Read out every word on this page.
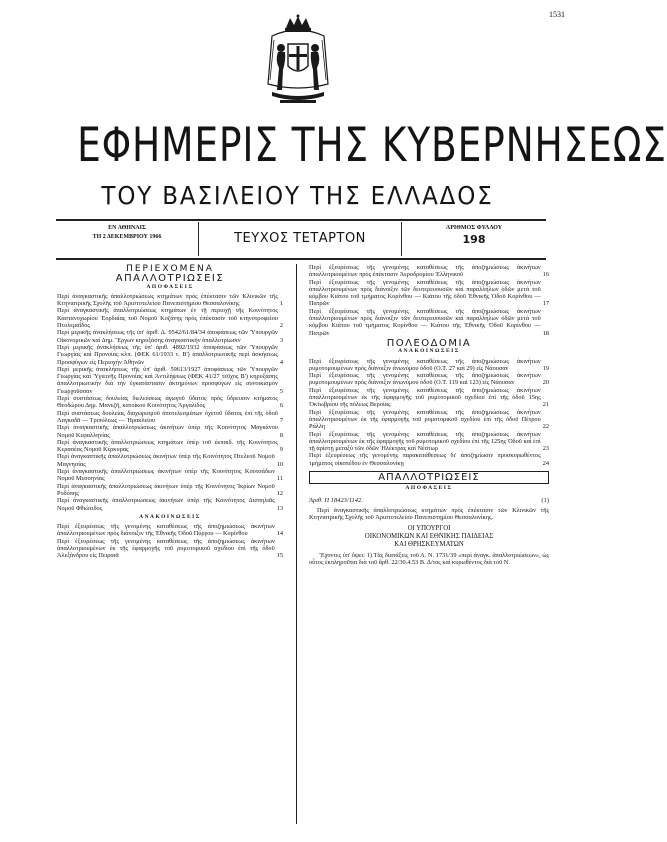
1531
ΕΦΗΜΕΡΙΣ ΤΗΣ ΚΥΒΕΡΝΗΣΕΩΣ
ΤΟΥ ΒΑΣΙΛΕΙΟΥ ΤΗΣ ΕΛΛΑΔΟΣ
ΕΝ ΑΘΗΝΑΙΣ
ΤΗ 2 ΔΕΚΕΜΒΡΙΟΥ 1966	ΤΕΥΧΟΣ ΤΕΤΑΡΤΟΝ
ΑΡΙΘΜΟΣ ΦΥΛΛΟΥ
198
ΠΕΡΙΕΧΟΜΕΝΑ
ΑΠΑΛΛΟΤΡΙΩΣΕΙΣ
ΑΠΟΦΑΣΕΙΣ
Περὶ ἀναγκαστικῆς ἀπαλλοτριώσεως κτημάτων πρὸς ἐπέκτασιν τῶν Κλινικῶν τῆς Κτηνιατρικῆς Σχολῆς τοῦ Ἀριστοτελείου Πανεπιστημίου Θεσσαλονίκης	1
Περὶ ἀναγκαστικῆς ἀπαλλοτριώσεως κτημάτων ἐν τῇ περιοχῇ τῆς Κοινότητος Καστανοχωρίου Ἐορδαίας τοῦ Νομοῦ Κοζάνης πρὸς ἐπέκτασιν τοῦ κτηνοτροφείου Πτολεμαΐδος	2
Περὶ μερικῆς ἀνακλήσεως τῆς ὑπ' ἀριθ. Δ. 9542/61/84/34 ἀποφάσεως τῶν Ὑπουργῶν Οἰκονομικῶν καὶ Δημ. Ἔργων κηρυξάσης ἀναγκαστικὴν ἀπαλλοτρίωσιν	3
Περὶ μερικῆς ἀνακλήσεως τῆς ὑπ' ἀριθ. 4892/1932 ἀποφάσεως τῶν Ὑπουργῶν Γεωργίας καὶ Προνοίας κλπ. (ΦΕΚ 61/1933 τ. Β') ἀπαλλοτριωτικῆς περὶ ἀσκήσεως Προσφύγων εἰς Περιοχὴν Ἀθηνῶν	4
Περὶ μερικῆς ἀνακλήσεως τῆς ὑπ' ἀριθ. 59613/1927 ἀποφάσεως τῶν Ὑπουργῶν Γεωργίας καὶ Ὑγιεινῆς Προνοίας καὶ Ἀντιλήψεως (ΦΕΚ 41/27 τεῦχος Β') κηρυξάσης ἀπαλλοτριωτικὴν διὰ τὴν ἐγκατάστασιν ἀκτημόνων προσφύγων εἰς συνοικισμὸν Γεωρχοῦσσαν	5
Περὶ συστάσεως δουλείας διελεύσεως ἀγωγοῦ ὕδατος πρὸς ὕδρευσιν κτήματος Θεοδώρου Δημ. Μανεζῆ, κατοίκου Κοινότητος Ἀργαλίδος	6
Περὶ συστάσεως δουλείας διαχωρισμοῦ ἀποτελεσμάτων ὀχετοῦ ὕδατος ἐπὶ τῆς ὁδοῦ Λαγκαδᾶ — Τριπόλεως — Ἡρακλείου	7
Περὶ ἀναγκαστικῆς ἀπαλλοτριώσεως ἀκινήτων ὑπὲρ τῆς Κοινότητος Μαγκάνου Νομοῦ Κεφαλληνίας	8
Περὶ ἀναγκαστικῆς ἀπαλλοτριώσεως κτημάτων ὑπὲρ τοῦ ἐκπαιδ. τῆς Κοινότητος Κερασέας Νομοῦ Κέρκυρας	9
Περὶ ἀναγκαστικῆς ἀπαλλοτριώσεως ἀκινήτων ὑπὲρ τῆς Κοινότητος Πτελεοῦ Νομοῦ Μαγνησίας	10
Περὶ ἀναγκαστικῆς ἀπαλλοτριώσεως ἀκινήτων ὑπὲρ τῆς Κοινότητος Κουτσάδων Νομοῦ Μεσσηνίας	11
Περὶ ἀναγκαστικῆς ἀπαλλοτριώσεως ἀκινήτων ὑπὲρ τῆς Κοινότητος Ἰκρίων Νομοῦ Ροδόπης	12
Περὶ ἀναγκαστικῆς ἀπαλλοτριώσεως ἀκινήτων ὑπὲρ τῆς Κοινότητος Δισπηλιᾶς Νομοῦ Φθιώτιδος	13
ΑΝΑΚΟΙΝΩΣΕΙΣ
Περὶ ἐξευρέσεως τῆς γενομένης καταθέσεως τῆς ἀποζημιώσεως ἀκινήτων ἀπαλλοτριουμένων πρὸς διάνοιξιν τῆς Ἐθνικῆς Ὁδοῦ Πύργου — Κορίνθου	14
Περὶ ἐξευρέσεως τῆς γενομένης καταθέσεως τῆς ἀποζημιώσεως ἀκινήτων ἀπαλλοτριουμένων ἐκ τῆς ἐφαρμογῆς τοῦ ρυμοτομικοῦ σχεδίου ἐπὶ τῆς ὁδοῦ Ἀλεξάνδρου εἰς Πειραιᾶ	15
Περὶ ἐξευρέσεως τῆς γενομένης καταθέσεως τῆς ἀποζημιώσεως ἀκινήτων ἀπαλλοτριουμένων πρὸς ἐπέκτασιν Ἀεροδρομίου Ἑλληνικοῦ	16
Περὶ ἐξευρέσεως τῆς γενομένης καταθέσεως τῆς ἀποζημιώσεως ἀκινήτων ἀπαλλοτριουμένων πρὸς διάνοιξιν τῶν δευτερευουσῶν καὶ παραλλήλων ὁδῶν μετὰ τοῦ κόμβου Κιάτου τοῦ τμήματος Κορίνθου — Κιάτου τῆς ὁδοῦ Ἐθνικῆς Ὁδοῦ Κορίνθου — Πατρῶν	17
Περὶ ἐξευρέσεως τῆς γενομένης καταθέσεως τῆς ἀποζημιώσεως ἀκινήτων ἀπαλλοτριουμένων πρὸς διάνοιξιν τῶν δευτερευουσῶν καὶ παραλλήλων ὁδῶν μετὰ τοῦ κόμβου Κιάτου τοῦ τμήματος Κορίνθου — Κιάτου τῆς Ἐθνικῆς Ὁδοῦ Κορίνθου — Πατρῶν	18
ΠΟΛΕΟΔΟΜΙΑ
ΑΝΑΚΟΙΝΩΣΕΙΣ
Περὶ ἐξευρέσεως τῆς γενομένης καταθέσεως τῆς ἀποζημιώσεως ἀκινήτων ρυμοτομουμένων πρὸς διάνοιξιν ἀνωνύμου ὁδοῦ (Ο.Τ. 27 καὶ 29) εἰς Νάουσαν	19
Περὶ ἐξευρέσεως τῆς γενομένης καταθέσεως τῆς ἀποζημιώσεως ἀκινήτων ρυμοτομουμένων πρὸς διάνοιξιν ἀνωνύμου ὁδοῦ (Ο.Τ. 119 καὶ 123) εἰς Νάουσαν	20
Περὶ ἐξευρέσεως τῆς γενομένης καταθέσεως τῆς ἀποζημιώσεως ἀκινήτων ἀπαλλοτριουμένων ἐκ τῆς ἐφαρμογῆς τοῦ ρυμοτομικοῦ σχεδίου ἐπὶ τῆς ὁδοῦ 15ης Ὀκτωβρίου τῆς πόλεως Βεροίας	21
Περὶ ἐξευρέσεως τῆς γενομένης καταθέσεως τῆς ἀποζημιώσεως ἀκινήτων ἀπαλλοτριουμένων ἐκ τῆς ἐφαρμογῆς τοῦ ρυμοτομικοῦ σχεδίου ἐπὶ τῆς ὁδοῦ Πέτρου Ράλλη	22
Περὶ ἐξευρέσεως τῆς γενομένης καταθέσεως τῆς ἀποζημιώσεως ἀκινήτων ἀπαλλοτριουμένων ἐκ τῆς ἐφαρμογῆς τοῦ ρυμοτομικοῦ σχεδίου ἐπὶ τῆς 125ης Ὁδοῦ καὶ ἐπὶ τῇ ἀρίστῃ μεταξὺ τῶν ὁδῶν Ἠλέκτρας καὶ Νέστωρ	23
Περὶ ἐξευρέσεως τῆς γενομένης παρακατάθεσεως δι' ἀποζημίωσιν προσκυρωθέντος τμήματος οἰκοπέδου ἐν Θεσσαλονίκῃ	24
ΑΠΑΛΛΟΤΡΙΩΣΕΙΣ
ΑΠΟΦΑΣΕΙΣ
Ἀριθ. Π 18423/1142.	(1)
Περὶ ἀναγκαστικῆς ἀπαλλοτριώσεως κτημάτων πρὸς ἐπέκτασιν τῶν Κλινικῶν τῆς Κτηνιατρικῆς Σχολῆς τοῦ Ἀριστοτελείου Πανεπιστημίου Θεσσαλονίκης.
ΟΙ ΥΠΟΥΡΓΟΙ
ΟΙΚΟΝΟΜΙΚΩΝ ΚΑΙ ΕΘΝΙΚΗΣ ΠΑΙΔΕΙΑΣ
ΚΑΙ ΘΡΗΣΚΕΥΜΑΤΩΝ
Ἔχοντες ὑπ' ὄψει: 1) Τὰς διατάξεις τοῦ Α. Ν. 1731/39 «περὶ ἀναγκ. ἀπαλλοτριώσεων», ὡς οὗτος ἐκπληροῦται διὰ τοῦ ἄρθ. 22/30.4.53 Β. Δ/τος καὶ κυρωθέντος διὰ τοῦ Ν.
